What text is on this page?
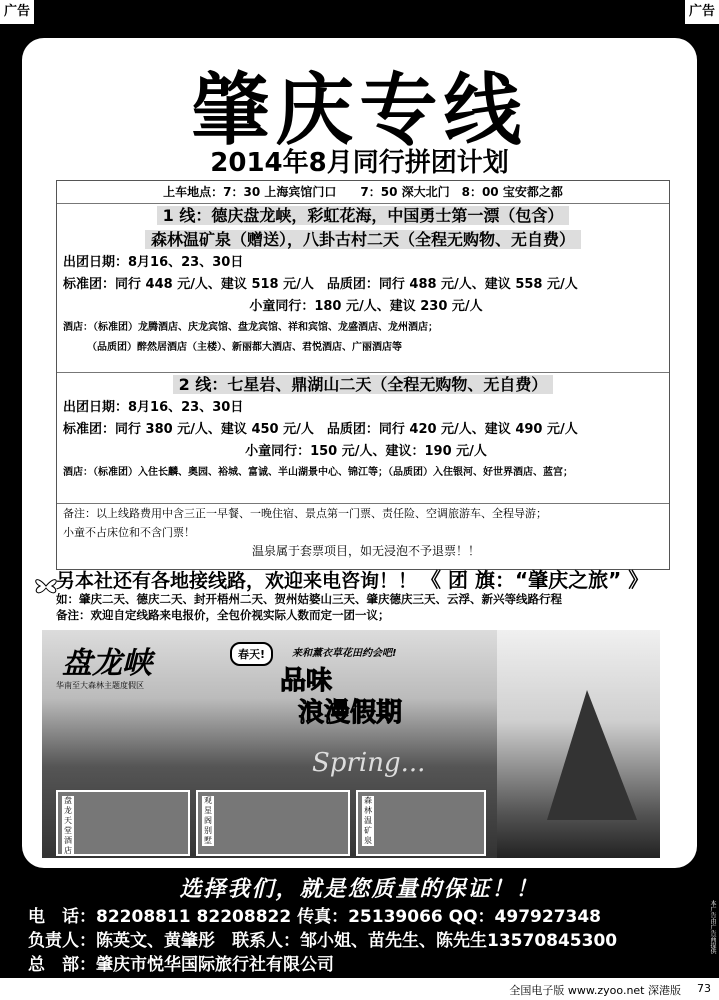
广告	广告
肇庆专线
2014年8月同行拼团计划
上车地点：7：30 上海宾馆门口　　7：50 深大北门　8：00 宝安都之都
1 线：德庆盘龙峡，彩虹花海，中国勇士第一漂（包含）
森林温矿泉（赠送），八卦古村二天（全程无购物、无自费）
出团日期：8月16、23、30日
标准团：同行 448 元/人、建议 518 元/人　品质团：同行 488 元/人、建议 558 元/人
小童同行：180 元/人、建议 230 元/人
酒店：（标准团）龙腾酒店、庆龙宾馆、盘龙宾馆、祥和宾馆、龙盛酒店、龙州酒店；
（品质团）醉然居酒店（主楼）、新丽都大酒店、君悦酒店、广丽酒店等
2 线：七星岩、鼎湖山二天（全程无购物、无自费）
出团日期：8月16、23、30日
标准团：同行 380 元/人、建议 450 元/人　品质团：同行 420 元/人、建议 490 元/人
小童同行：150 元/人、建议：190 元/人
酒店：（标准团）入住长麟、奥园、裕城、富诚、半山湖景中心、锦江等；（品质团）入住银河、好世界酒店、蓝宫；
备注：以上线路费用中含三正一早餐、一晚住宿、景点第一门票、责任险、空调旅游车、全程导游；
小童不占床位和不含门票！
温泉属于套票项目，如无浸泡不予退票！！
另本社还有各地接线路，欢迎来电咨询！！ 《 团 旗：“肇庆之旅” 》
如：肇庆二天、德庆二天、封开梧州二天、贺州姑婆山三天、肇庆德庆三天、云浮、新兴等线路行程
备注：欢迎自定线路来电报价，全包价视实际人数而定一团一议；
盘龙峡
华南至大森林主题度假区
春天!	来和薰衣草花田约会吧!
品味
浪漫假期
Spring...
盘龙天堂酒店
观星阁别墅
森林温矿泉
选择我们，就是您质量的保证！！
电　话：82208811 82208822 传真：25139066 QQ：497927348
负责人：陈英文、黄肇彤　联系人：邹小姐、苗先生、陈先生13570845300
总　部：肇庆市悦华国际旅行社有限公司
本广告由广告商提供
全国电子版 www.zyoo.net 深港版 73
